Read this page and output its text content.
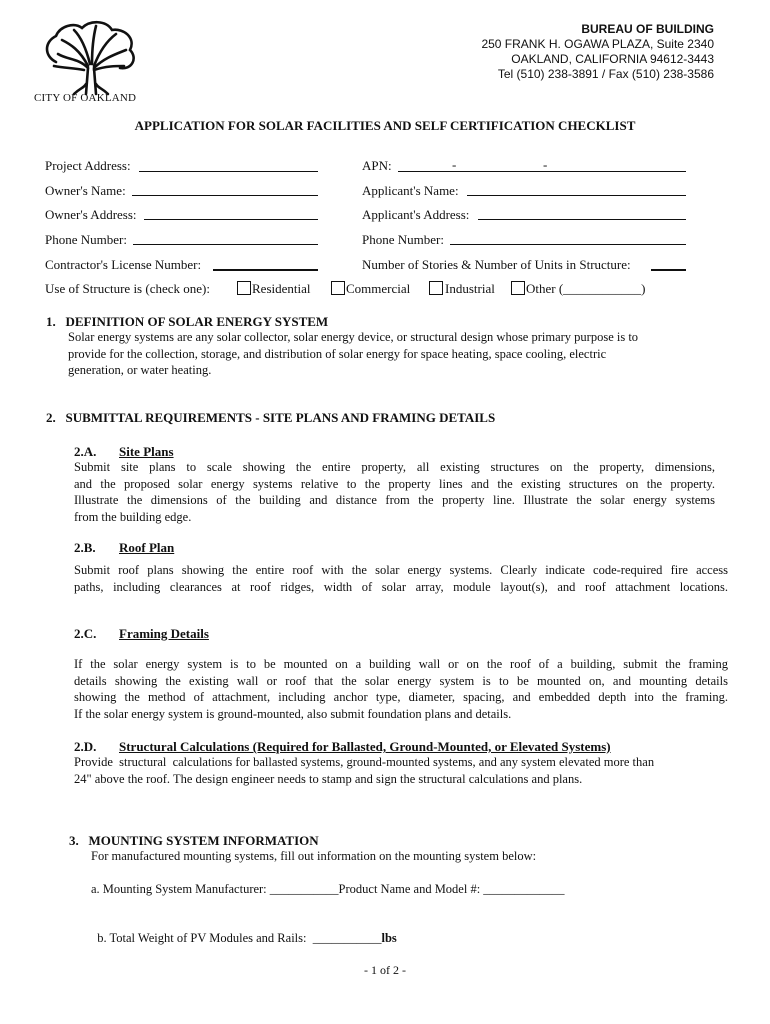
CITY OF OAKLAND
BUREAU OF BUILDING
250 FRANK H. OGAWA PLAZA, Suite 2340
OAKLAND, CALIFORNIA 94612-3443
Tel (510) 238-3891 / Fax (510) 238-3586
APPLICATION FOR SOLAR FACILITIES AND SELF CERTIFICATION CHECKLIST
Project Address:	APN:	-	-
Owner's Name:	Applicant's Name:
Owner's Address:	Applicant's Address:
Phone Number:	Phone Number:
Contractor's License Number:	Number of Stories & Number of Units in Structure:
Use of Structure is (check one):	Residential	Commercial	Industrial Other (____________)
1.   DEFINITION OF SOLAR ENERGY SYSTEM
Solar energy systems are any solar collector, solar energy device, or structural design whose primary purpose is to
provide for the collection, storage, and distribution of solar energy for space heating, space cooling, electric
generation, or water heating.
2.   SUBMITTAL REQUIREMENTS - SITE PLANS AND FRAMING DETAILS
2.A. Site Plans
Submit site plans to scale showing the entire property, all existing structures on the property, dimensions,
and the proposed solar energy systems relative to the property lines and the existing structures on the property.
Illustrate the dimensions of the building and distance from the property line. Illustrate the solar energy systems
from the building edge.
2.B. Roof Plan
Submit roof plans showing the entire roof with the solar energy systems. Clearly indicate code-required fire access
paths, including clearances at roof ridges, width of solar array, module layout(s), and roof attachment locations.
2.C. Framing Details
If the solar energy system is to be mounted on a building wall or on the roof of a building, submit the framing
details showing the existing wall or roof that the solar energy system is to be mounted on, and mounting details
showing the method of attachment, including anchor type, diameter, spacing, and embedded depth into the framing.
If the solar energy system is ground-mounted, also submit foundation plans and details.
2.D. Structural Calculations (Required for Ballasted, Ground-Mounted, or Elevated Systems)
Provide  structural  calculations for ballasted systems, ground-mounted systems, and any system elevated more than
24" above the roof. The design engineer needs to stamp and sign the structural calculations and plans.
3.   MOUNTING SYSTEM INFORMATION
For manufactured mounting systems, fill out information on the mounting system below:
a. Mounting System Manufacturer: ___________Product Name and Model #: _____________

b. Total Weight of PV Modules and Rails:  ___________lbs

- 1 of 2 -
